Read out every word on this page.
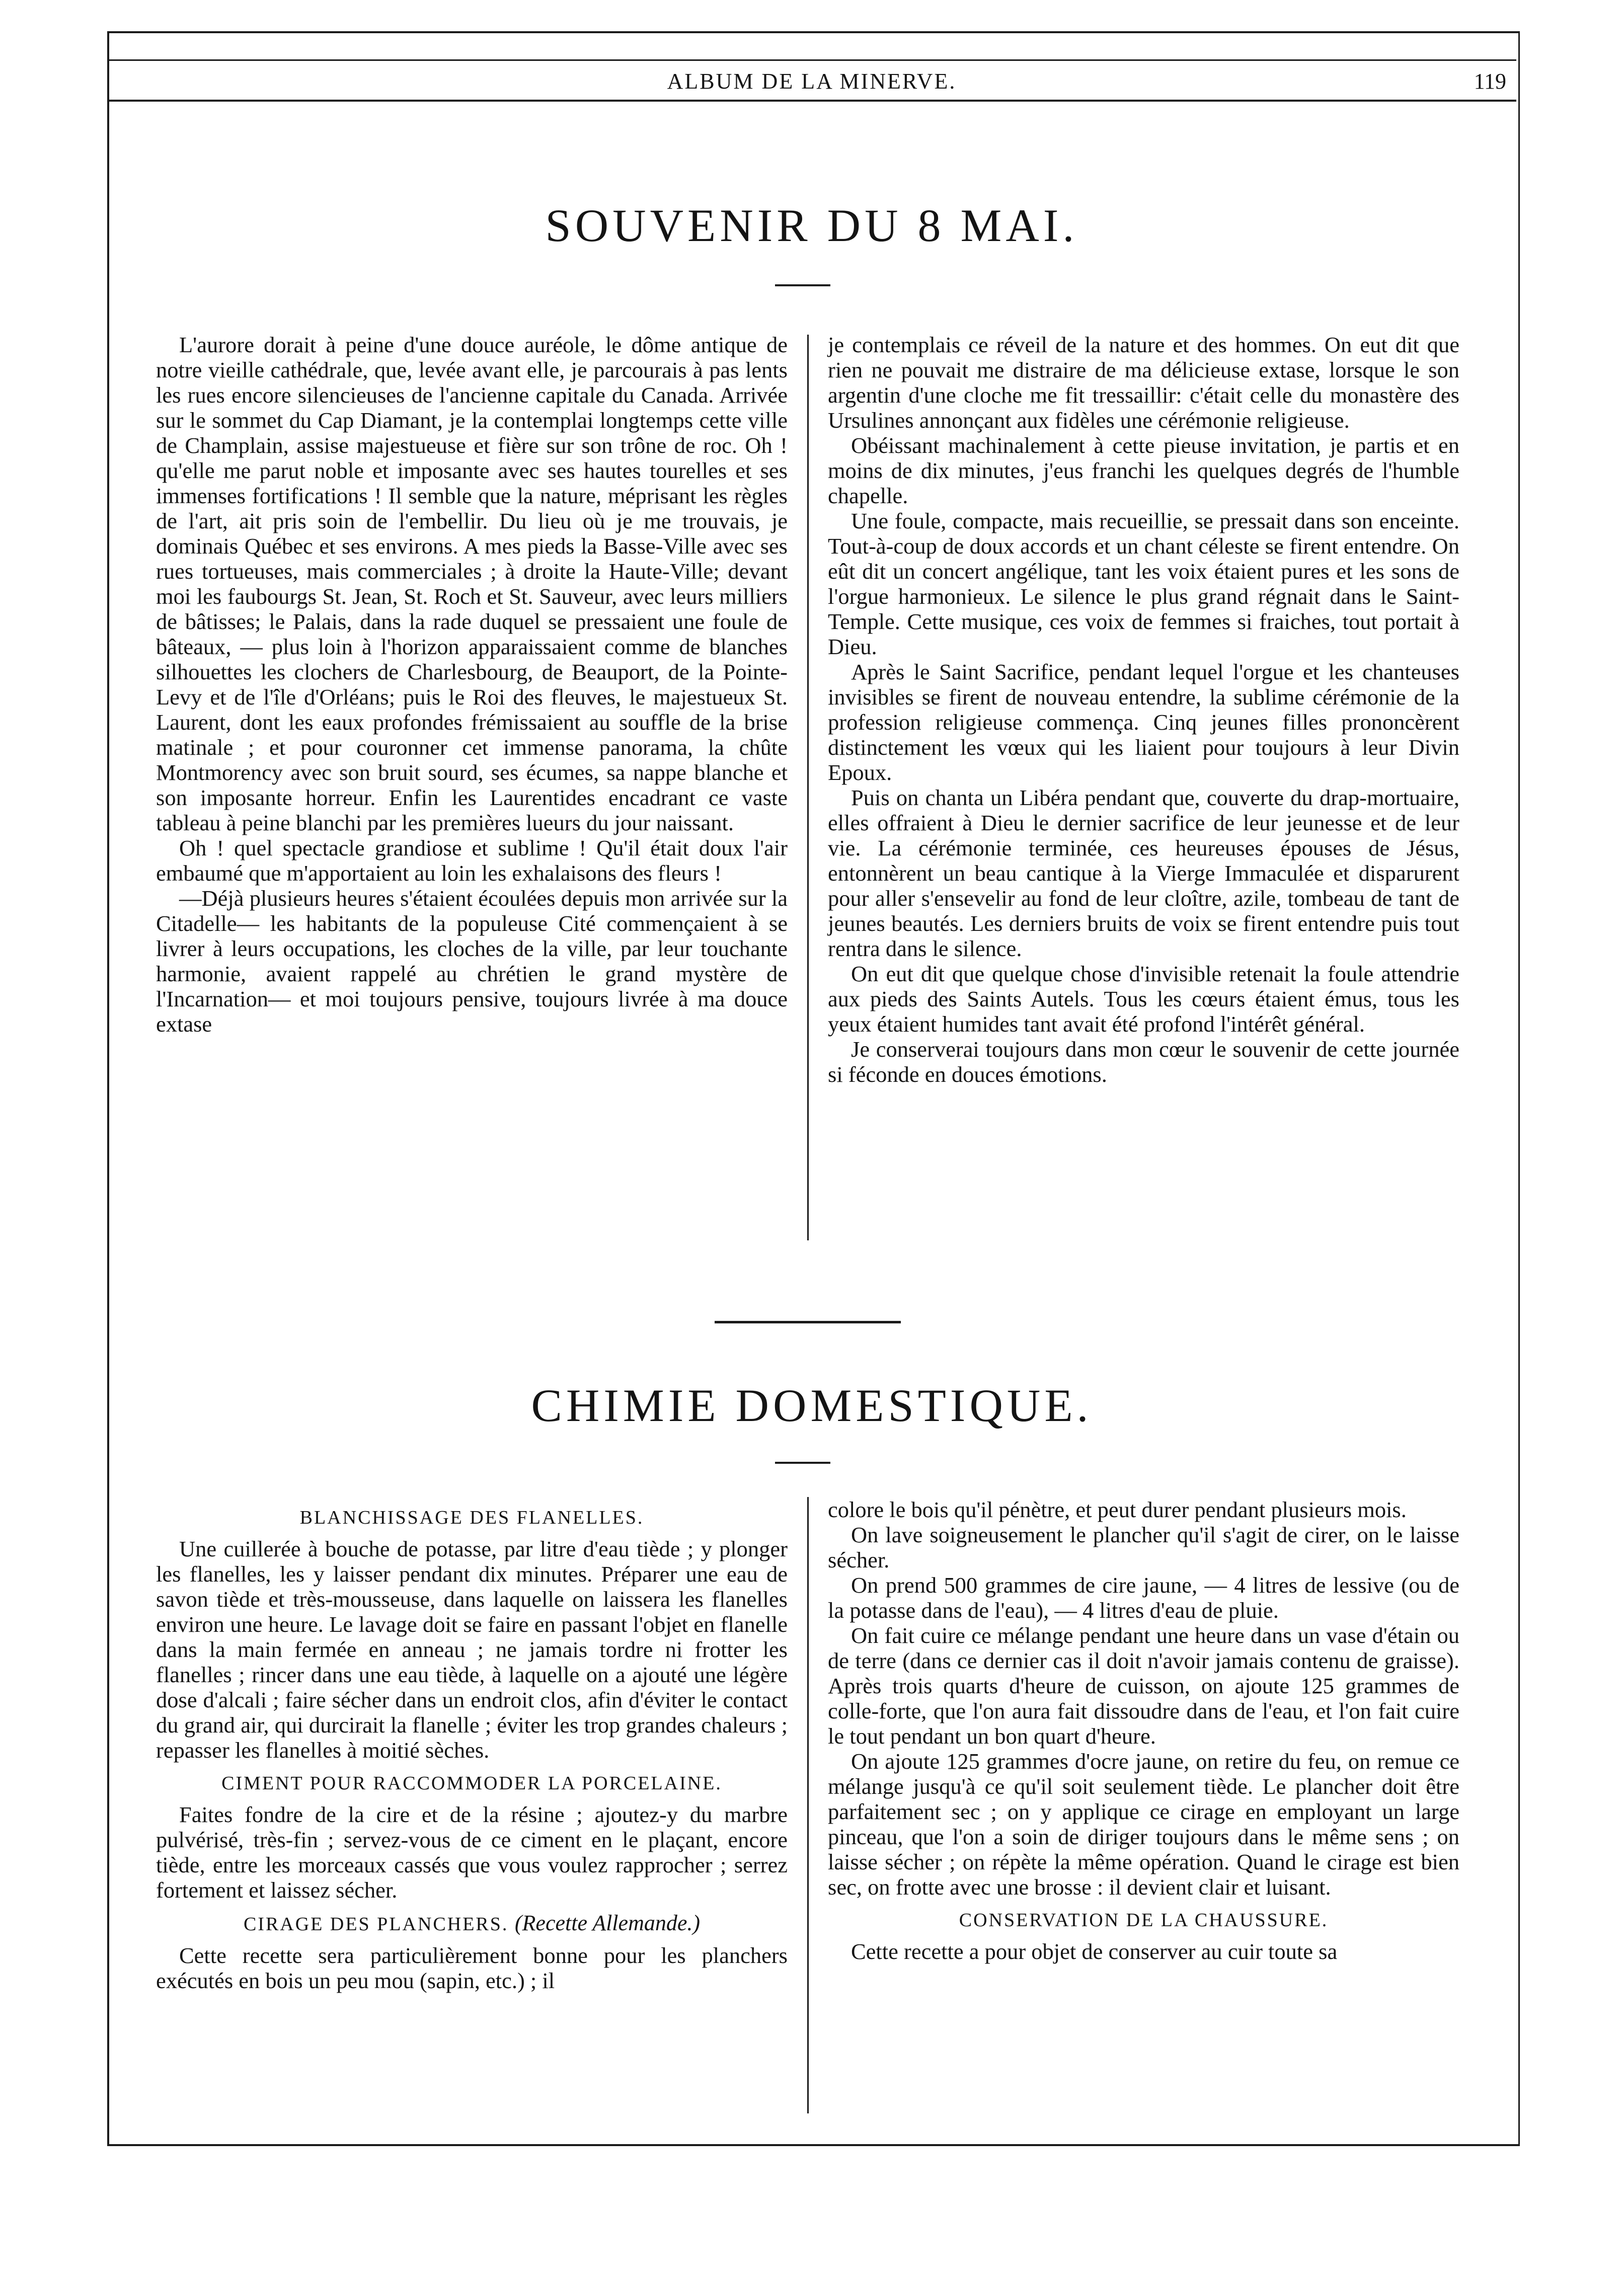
ALBUM DE LA MINERVE.	119
SOUVENIR DU 8 MAI.

L'aurore dorait à peine d'une douce auréole, le dôme antique de notre vieille cathédrale, que, levée avant elle, je parcourais à pas lents les rues encore silencieuses de l'ancienne capitale du Canada. Arrivée sur le sommet du Cap Diamant, je la contemplai longtemps cette ville de Champlain, assise majestueuse et fière sur son trône de roc. Oh ! qu'elle me parut noble et imposante avec ses hautes tourelles et ses immenses fortifications ! Il semble que la nature, méprisant les règles de l'art, ait pris soin de l'embellir. Du lieu où je me trouvais, je dominais Québec et ses environs. A mes pieds la Basse-Ville avec ses rues tortueuses, mais commerciales ; à droite la Haute-Ville; devant moi les faubourgs St. Jean, St. Roch et St. Sauveur, avec leurs milliers de bâtisses; le Palais, dans la rade duquel se pressaient une foule de bâteaux, — plus loin à l'horizon apparaissaient comme de blanches silhouettes les clochers de Charlesbourg, de Beauport, de la Pointe-Levy et de l'île d'Orléans; puis le Roi des fleuves, le majestueux St. Laurent, dont les eaux profondes frémissaient au souffle de la brise matinale ; et pour couronner cet immense panorama, la chûte Montmorency avec son bruit sourd, ses écumes, sa nappe blanche et son imposante horreur. Enfin les Laurentides encadrant ce vaste tableau à peine blanchi par les premières lueurs du jour naissant.

Oh ! quel spectacle grandiose et sublime ! Qu'il était doux l'air embaumé que m'apportaient au loin les exhalaisons des fleurs !

—Déjà plusieurs heures s'étaient écoulées depuis mon arrivée sur la Citadelle— les habitants de la populeuse Cité commençaient à se livrer à leurs occupations, les cloches de la ville, par leur touchante harmonie, avaient rappelé au chrétien le grand mystère de l'Incarnation— et moi toujours pensive, toujours livrée à ma douce extase

je contemplais ce réveil de la nature et des hommes. On eut dit que rien ne pouvait me distraire de ma délicieuse extase, lorsque le son argentin d'une cloche me fit tressaillir: c'était celle du monastère des Ursulines annonçant aux fidèles une cérémonie religieuse.

Obéissant machinalement à cette pieuse invitation, je partis et en moins de dix minutes, j'eus franchi les quelques degrés de l'humble chapelle.

Une foule, compacte, mais recueillie, se pressait dans son enceinte. Tout-à-coup de doux accords et un chant céleste se firent entendre. On eût dit un concert angélique, tant les voix étaient pures et les sons de l'orgue harmonieux. Le silence le plus grand régnait dans le Saint-Temple. Cette musique, ces voix de femmes si fraiches, tout portait à Dieu.

Après le Saint Sacrifice, pendant lequel l'orgue et les chanteuses invisibles se firent de nouveau entendre, la sublime cérémonie de la profession religieuse commença. Cinq jeunes filles prononcèrent distinctement les vœux qui les liaient pour toujours à leur Divin Epoux.

Puis on chanta un Libéra pendant que, couverte du drap-mortuaire, elles offraient à Dieu le dernier sacrifice de leur jeunesse et de leur vie. La cérémonie terminée, ces heureuses épouses de Jésus, entonnèrent un beau cantique à la Vierge Immaculée et disparurent pour aller s'ensevelir au fond de leur cloître, azile, tombeau de tant de jeunes beautés. Les derniers bruits de voix se firent entendre puis tout rentra dans le silence.

On eut dit que quelque chose d'invisible retenait la foule attendrie aux pieds des Saints Autels. Tous les cœurs étaient émus, tous les yeux étaient humides tant avait été profond l'intérêt général.

Je conserverai toujours dans mon cœur le souvenir de cette journée si féconde en douces émotions.

CHIMIE DOMESTIQUE.

BLANCHISSAGE DES FLANELLES.

Une cuillerée à bouche de potasse, par litre d'eau tiède ; y plonger les flanelles, les y laisser pendant dix minutes. Préparer une eau de savon tiède et très-mousseuse, dans laquelle on laissera les flanelles environ une heure. Le lavage doit se faire en passant l'objet en flanelle dans la main fermée en anneau ; ne jamais tordre ni frotter les flanelles ; rincer dans une eau tiède, à laquelle on a ajouté une légère dose d'alcali ; faire sécher dans un endroit clos, afin d'éviter le contact du grand air, qui durcirait la flanelle ; éviter les trop grandes chaleurs ; repasser les flanelles à moitié sèches.

CIMENT POUR RACCOMMODER LA PORCELAINE.

Faites fondre de la cire et de la résine ; ajoutez-y du marbre pulvérisé, très-fin ; servez-vous de ce ciment en le plaçant, encore tiède, entre les morceaux cassés que vous voulez rapprocher ; serrez fortement et laissez sécher.

CIRAGE DES PLANCHERS. (Recette Allemande.)

Cette recette sera particulièrement bonne pour les planchers exécutés en bois un peu mou (sapin, etc.) ; il

colore le bois qu'il pénètre, et peut durer pendant plusieurs mois.

On lave soigneusement le plancher qu'il s'agit de cirer, on le laisse sécher.

On prend 500 grammes de cire jaune, — 4 litres de lessive (ou de la potasse dans de l'eau), — 4 litres d'eau de pluie.

On fait cuire ce mélange pendant une heure dans un vase d'étain ou de terre (dans ce dernier cas il doit n'avoir jamais contenu de graisse). Après trois quarts d'heure de cuisson, on ajoute 125 grammes de colle-forte, que l'on aura fait dissoudre dans de l'eau, et l'on fait cuire le tout pendant un bon quart d'heure.

On ajoute 125 grammes d'ocre jaune, on retire du feu, on remue ce mélange jusqu'à ce qu'il soit seulement tiède. Le plancher doit être parfaitement sec ; on y applique ce cirage en employant un large pinceau, que l'on a soin de diriger toujours dans le même sens ; on laisse sécher ; on répète la même opération. Quand le cirage est bien sec, on frotte avec une brosse : il devient clair et luisant.

CONSERVATION DE LA CHAUSSURE.

Cette recette a pour objet de conserver au cuir toute sa
